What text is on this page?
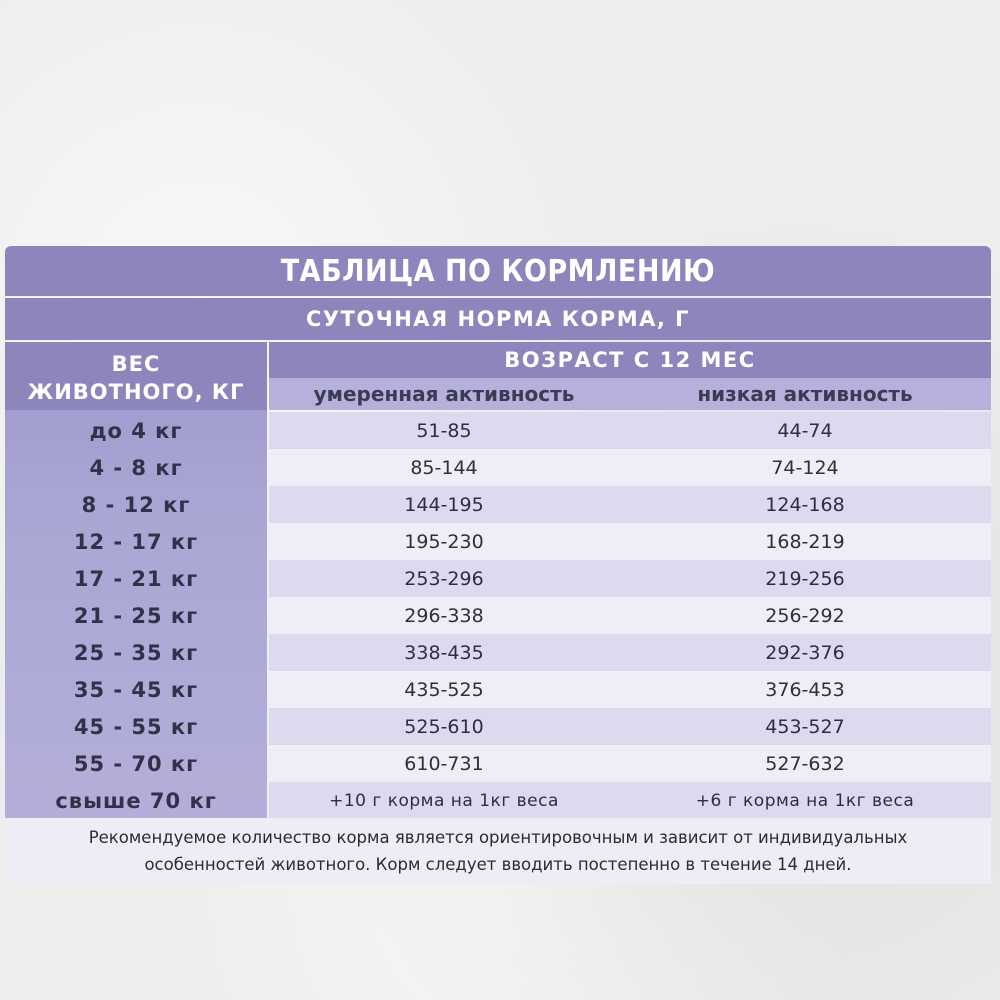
ТАБЛИЦА ПО КОРМЛЕНИЮ
СУТОЧНАЯ НОРМА КОРМА, Г
ВЕС
ЖИВОТНОГО, КГ
ВОЗРАСТ С 12 МЕС
умеренная активность	низкая активность
до 4 кг	51-85	44-74
4 - 8 кг	85-144	74-124
8 - 12 кг	144-195	124-168
12 - 17 кг	195-230	168-219
17 - 21 кг	253-296	219-256
21 - 25 кг	296-338	256-292
25 - 35 кг	338-435	292-376
35 - 45 кг	435-525	376-453
45 - 55 кг	525-610	453-527
55 - 70 кг	610-731	527-632
свыше 70 кг	+10 г корма на 1кг веса	+6 г корма на 1кг веса
Рекомендуемое количество корма является ориентировочным и зависит от индивидуальных
особенностей животного. Корм следует вводить постепенно в течение 14 дней.
